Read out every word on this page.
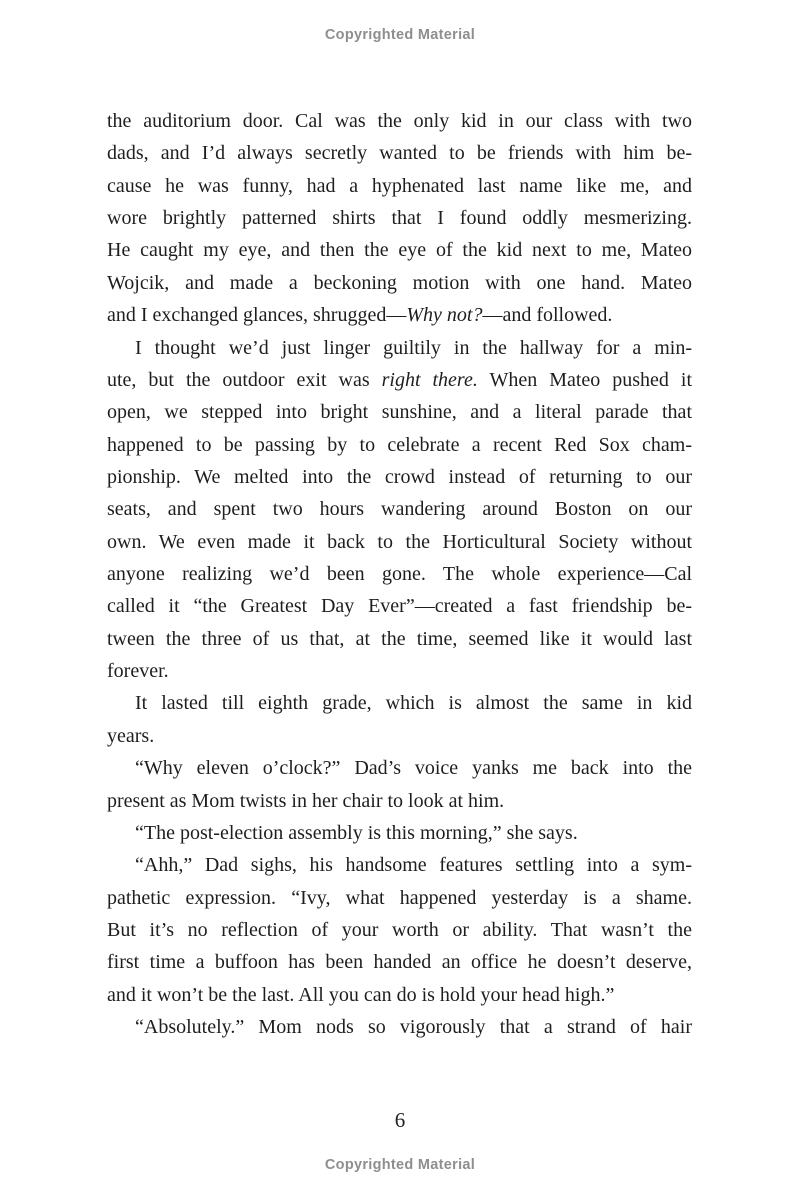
Copyrighted Material
the auditorium door. Cal was the only kid in our class with two
dads, and I’d always secretly wanted to be friends with him be-
cause he was funny, had a hyphenated last name like me, and
wore brightly patterned shirts that I found oddly mesmerizing.
He caught my eye, and then the eye of the kid next to me, Mateo
Wojcik, and made a beckoning motion with one hand. Mateo
and I exchanged glances, shrugged—Why not?—and followed.
I thought we’d just linger guiltily in the hallway for a min-
ute, but the outdoor exit was right there. When Mateo pushed it
open, we stepped into bright sunshine, and a literal parade that
happened to be passing by to celebrate a recent Red Sox cham-
pionship. We melted into the crowd instead of returning to our
seats, and spent two hours wandering around Boston on our
own. We even made it back to the Horticultural Society without
anyone realizing we’d been gone. The whole experience—Cal
called it “the Greatest Day Ever”—created a fast friendship be-
tween the three of us that, at the time, seemed like it would last
forever.
It lasted till eighth grade, which is almost the same in kid
years.
“Why eleven o’clock?” Dad’s voice yanks me back into the
present as Mom twists in her chair to look at him.
“The post-election assembly is this morning,” she says.
“Ahh,” Dad sighs, his handsome features settling into a sym-
pathetic expression. “Ivy, what happened yesterday is a shame.
But it’s no reflection of your worth or ability. That wasn’t the
first time a buffoon has been handed an office he doesn’t deserve,
and it won’t be the last. All you can do is hold your head high.”
“Absolutely.” Mom nods so vigorously that a strand of hair
6
Copyrighted Material
